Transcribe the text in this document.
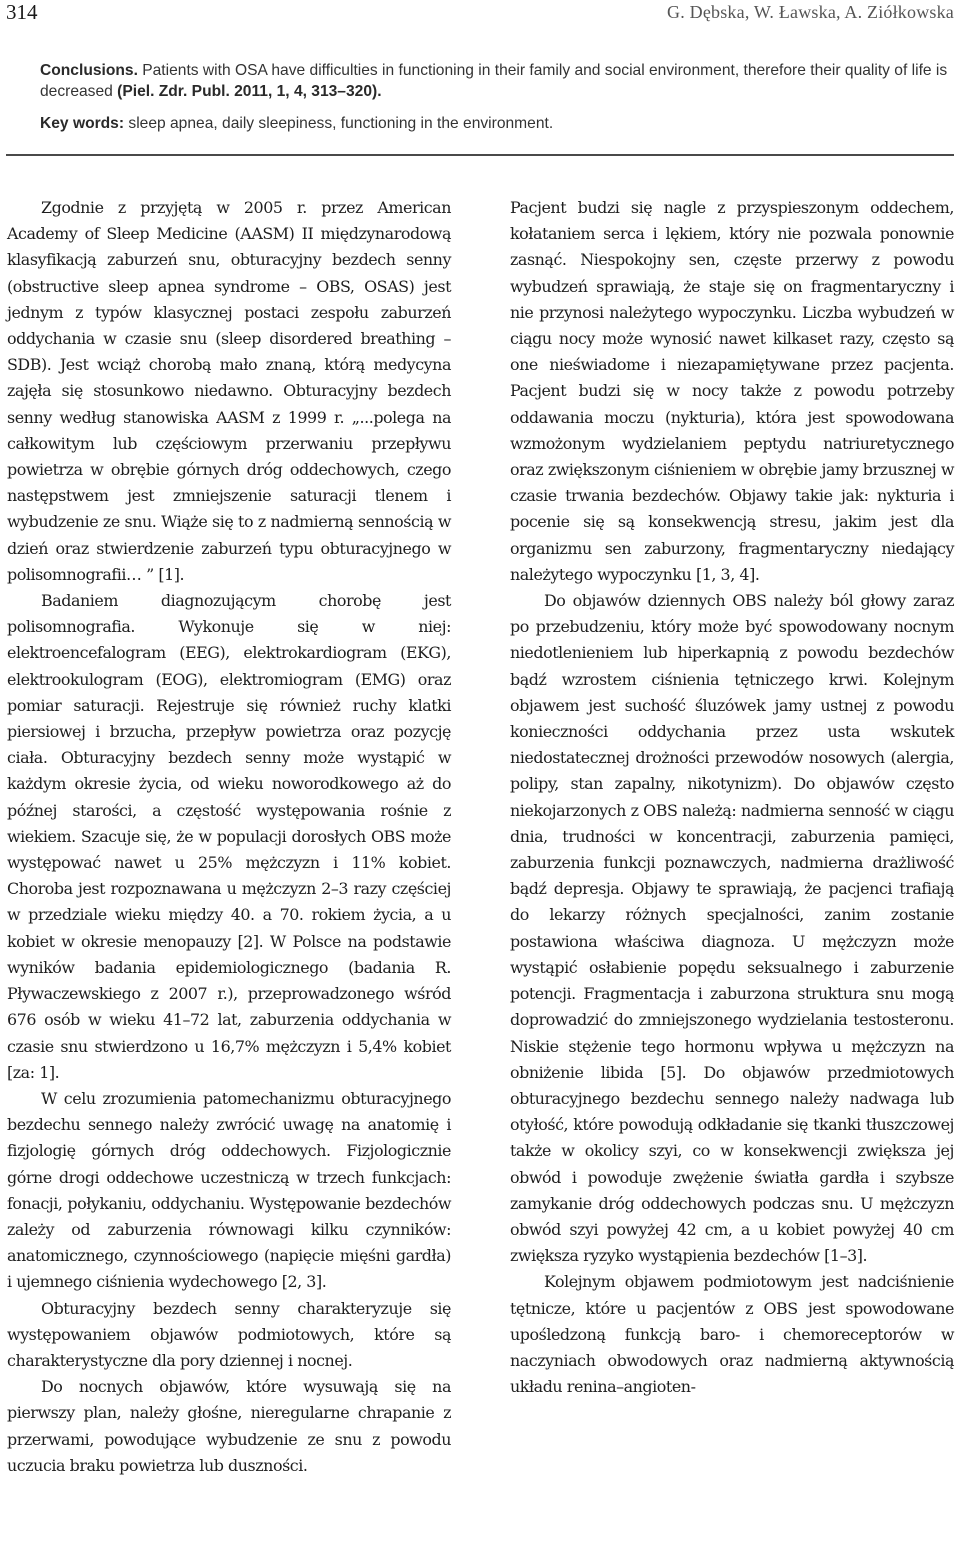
314	G. Dębska, W. Ławska, A. Ziółkowska

Conclusions. Patients with OSA have difficulties in functioning in their family and social environment, therefore their quality of life is decreased (Piel. Zdr. Publ. 2011, 1, 4, 313–320).

Key words: sleep apnea, daily sleepiness, functioning in the environment.

Zgodnie z przyjętą w 2005 r. przez American Academy of Sleep Medicine (AASM) II międzynarodową klasyfikacją zaburzeń snu, obturacyjny bezdech senny (obstructive sleep apnea syndrome – OBS, OSAS) jest jednym z typów klasycznej postaci zespołu zaburzeń oddychania w czasie snu (sleep disordered breathing – SDB). Jest wciąż chorobą mało znaną, którą medycyna zajęła się stosunkowo niedawno. Obturacyjny bezdech senny według stanowiska AASM z 1999 r. „...polega na całkowitym lub częściowym przerwaniu przepływu powietrza w obrębie górnych dróg oddechowych, czego następstwem jest zmniejszenie saturacji tlenem i wybudzenie ze snu. Wiąże się to z nadmierną sennością w dzień oraz stwierdzenie zaburzeń typu obturacyjnego w polisomnografii… ” [1].

Badaniem diagnozującym chorobę jest polisomnografia. Wykonuje się w niej: elektroencefalogram (EEG), elektrokardiogram (EKG), elektrookulogram (EOG), elektromiogram (EMG) oraz pomiar saturacji. Rejestruje się również ruchy klatki piersiowej i brzucha, przepływ powietrza oraz pozycję ciała. Obturacyjny bezdech senny może wystąpić w każdym okresie życia, od wieku noworodkowego aż do późnej starości, a częstość występowania rośnie z wiekiem. Szacuje się, że w populacji dorosłych OBS może występować nawet u 25% mężczyzn i 11% kobiet. Choroba jest rozpoznawana u mężczyzn 2–3 razy częściej w przedziale wieku między 40. a 70. rokiem życia, a u kobiet w okresie menopauzy [2]. W Polsce na podstawie wyników badania epidemiologicznego (badania R. Pływaczewskiego z 2007 r.), przeprowadzonego wśród 676 osób w wieku 41–72 lat, zaburzenia oddychania w czasie snu stwierdzono u 16,7% mężczyzn i 5,4% kobiet [za: 1].

W celu zrozumienia patomechanizmu obturacyjnego bezdechu sennego należy zwrócić uwagę na anatomię i fizjologię górnych dróg oddechowych. Fizjologicznie górne drogi oddechowe uczestniczą w trzech funkcjach: fonacji, połykaniu, oddychaniu. Występowanie bezdechów zależy od zaburzenia równowagi kilku czynników: anatomicznego, czynnościowego (napięcie mięśni gardła) i ujemnego ciśnienia wydechowego [2, 3].

Obturacyjny bezdech senny charakteryzuje się występowaniem objawów podmiotowych, które są charakterystyczne dla pory dziennej i nocnej.

Do nocnych objawów, które wysuwają się na pierwszy plan, należy głośne, nieregularne chrapanie z przerwami, powodujące wybudzenie ze snu z powodu uczucia braku powietrza lub duszności.

Pacjent budzi się nagle z przyspieszonym oddechem, kołataniem serca i lękiem, który nie pozwala ponownie zasnąć. Niespokojny sen, częste przerwy z powodu wybudzeń sprawiają, że staje się on fragmentaryczny i nie przynosi należytego wypoczynku. Liczba wybudzeń w ciągu nocy może wynosić nawet kilkaset razy, często są one nieświadome i niezapamiętywane przez pacjenta. Pacjent budzi się w nocy także z powodu potrzeby oddawania moczu (nykturia), która jest spowodowana wzmożonym wydzielaniem peptydu natriuretycznego oraz zwiększonym ciśnieniem w obrębie jamy brzusznej w czasie trwania bezdechów. Objawy takie jak: nykturia i pocenie się są konsekwencją stresu, jakim jest dla organizmu sen zaburzony, fragmentaryczny niedający należytego wypoczynku [1, 3, 4].

Do objawów dziennych OBS należy ból głowy zaraz po przebudzeniu, który może być spowodowany nocnym niedotlenieniem lub hiperkapnią z powodu bezdechów bądź wzrostem ciśnienia tętniczego krwi. Kolejnym objawem jest suchość śluzówek jamy ustnej z powodu konieczności oddychania przez usta wskutek niedostatecznej drożności przewodów nosowych (alergia, polipy, stan zapalny, nikotynizm). Do objawów często niekojarzonych z OBS należą: nadmierna senność w ciągu dnia, trudności w koncentracji, zaburzenia pamięci, zaburzenia funkcji poznawczych, nadmierna drażliwość bądź depresja. Objawy te sprawiają, że pacjenci trafiają do lekarzy różnych specjalności, zanim zostanie postawiona właściwa diagnoza. U mężczyzn może wystąpić osłabienie popędu seksualnego i zaburzenie potencji. Fragmentacja i zaburzona struktura snu mogą doprowadzić do zmniejszonego wydzielania testosteronu. Niskie stężenie tego hormonu wpływa u mężczyzn na obniżenie libida [5]. Do objawów przedmiotowych obturacyjnego bezdechu sennego należy nadwaga lub otyłość, które powodują odkładanie się tkanki tłuszczowej także w okolicy szyi, co w konsekwencji zwiększa jej obwód i powoduje zwężenie światła gardła i szybsze zamykanie dróg oddechowych podczas snu. U mężczyzn obwód szyi powyżej 42 cm, a u kobiet powyżej 40 cm zwiększa ryzyko wystąpienia bezdechów [1–3].

Kolejnym objawem podmiotowym jest nadciśnienie tętnicze, które u pacjentów z OBS jest spowodowane upośledzoną funkcją baro- i chemoreceptorów w naczyniach obwodowych oraz nadmierną aktywnością układu renina–angioten-
